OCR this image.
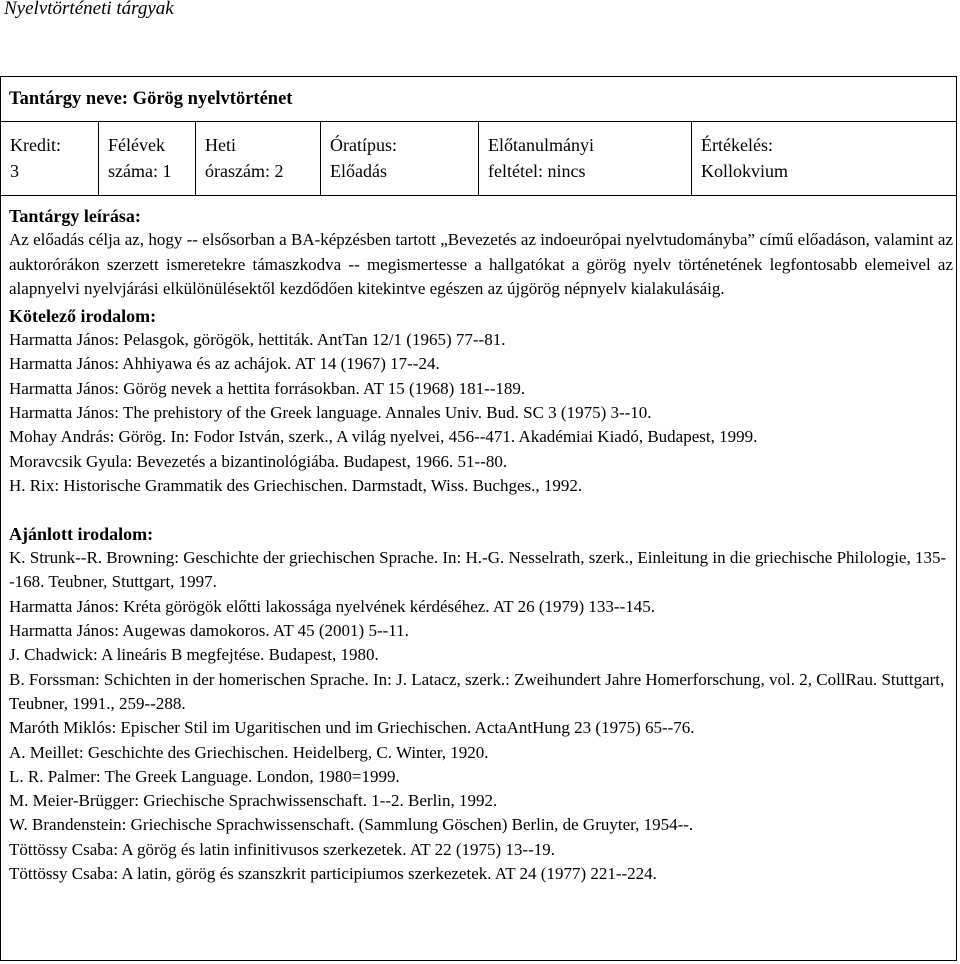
Nyelvtörténeti tárgyak
Tantárgy neve: Görög nyelvtörténet
Kredit:
3
Félévek
száma: 1
Heti
óraszám: 2
Óratípus:
Előadás
Előtanulmányi
feltétel: nincs
Értékelés:
Kollokvium
Tantárgy leírása:
Az előadás célja az, hogy -- elsősorban a BA-képzésben tartott „Bevezetés az indoeurópai nyelvtudományba” című előadáson, valamint az auktorórákon szerzett ismeretekre támaszkodva -- megismertesse a hallgatókat a görög nyelv történetének legfontosabb elemeivel az alapnyelvi nyelvjárási elkülönülésektől kezdődően kitekintve egészen az újgörög népnyelv kialakulásáig.
Kötelező irodalom:
Harmatta János: Pelasgok, görögök, hettiták. AntTan 12/1 (1965) 77--81.
Harmatta János: Ahhiyawa és az achájok. AT 14 (1967) 17--24.
Harmatta János: Görög nevek a hettita forrásokban. AT 15 (1968) 181--189.
Harmatta János: The prehistory of the Greek language. Annales Univ. Bud. SC 3 (1975) 3--10.
Mohay András: Görög. In: Fodor István, szerk., A világ nyelvei, 456--471. Akadémiai Kiadó, Budapest, 1999.
Moravcsik Gyula: Bevezetés a bizantinológiába. Budapest, 1966. 51--80.
H. Rix: Historische Grammatik des Griechischen. Darmstadt, Wiss. Buchges., 1992.
Ajánlott irodalom:
K. Strunk--R. Browning: Geschichte der griechischen Sprache. In: H.-G. Nesselrath, szerk., Einleitung in die griechische Philologie, 135--168. Teubner, Stuttgart, 1997.
Harmatta János: Kréta görögök előtti lakossága nyelvének kérdéséhez. AT 26 (1979) 133--145.
Harmatta János: Augewas damokoros. AT 45 (2001) 5--11.
J. Chadwick: A lineáris B megfejtése. Budapest, 1980.
B. Forssman: Schichten in der homerischen Sprache. In: J. Latacz, szerk.: Zweihundert Jahre Homerforschung, vol. 2, CollRau. Stuttgart, Teubner, 1991., 259--288.
Maróth Miklós: Epischer Stil im Ugaritischen und im Griechischen. ActaAntHung 23 (1975) 65--76.
A. Meillet: Geschichte des Griechischen. Heidelberg, C. Winter, 1920.
L. R. Palmer: The Greek Language. London, 1980=1999.
M. Meier-Brügger: Griechische Sprachwissenschaft. 1--2. Berlin, 1992.
W. Brandenstein: Griechische Sprachwissenschaft. (Sammlung Göschen) Berlin, de Gruyter, 1954--.
Töttössy Csaba: A görög és latin infinitivusos szerkezetek. AT 22 (1975) 13--19.
Töttössy Csaba: A latin, görög és szanszkrit participiumos szerkezetek. AT 24 (1977) 221--224.
